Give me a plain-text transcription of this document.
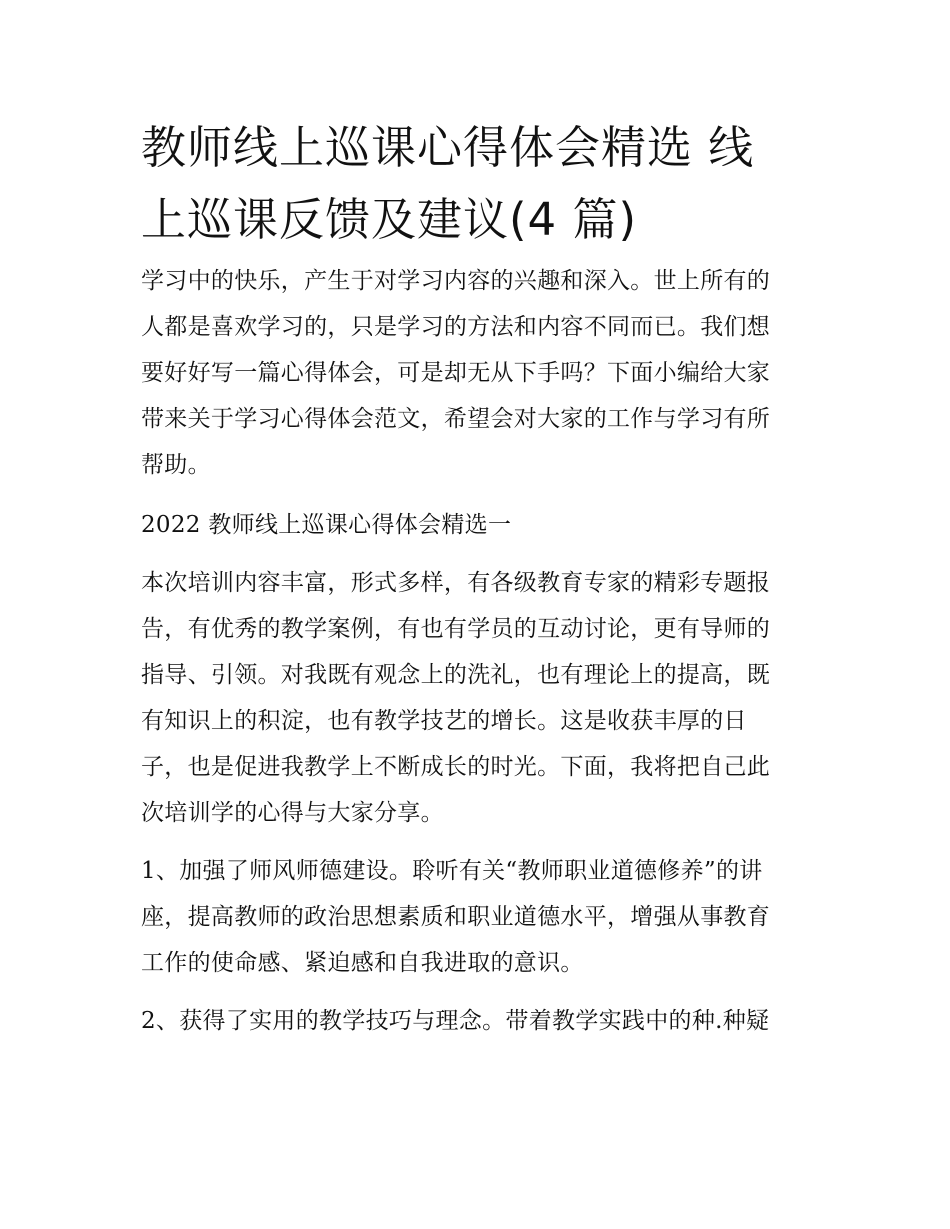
教师线上巡课心得体会精选 线
上巡课反馈及建议(4 篇)

学习中的快乐，产生于对学习内容的兴趣和深入。世上所有的
人都是喜欢学习的，只是学习的方法和内容不同而已。我们想
要好好写一篇心得体会，可是却无从下手吗？下面小编给大家
带来关于学习心得体会范文，希望会对大家的工作与学习有所
帮助。

2022 教师线上巡课心得体会精选一

本次培训内容丰富，形式多样，有各级教育专家的精彩专题报
告，有优秀的教学案例，有也有学员的互动讨论，更有导师的
指导、引领。对我既有观念上的洗礼，也有理论上的提高，既
有知识上的积淀，也有教学技艺的增长。这是收获丰厚的日
子，也是促进我教学上不断成长的时光。下面，我将把自己此
次培训学的心得与大家分享。

1、加强了师风师德建设。聆听有关“教师职业道德修养”的讲
座，提高教师的政治思想素质和职业道德水平，增强从事教育
工作的使命感、紧迫感和自我进取的意识。

2、获得了实用的教学技巧与理念。带着教学实践中的种.种疑
